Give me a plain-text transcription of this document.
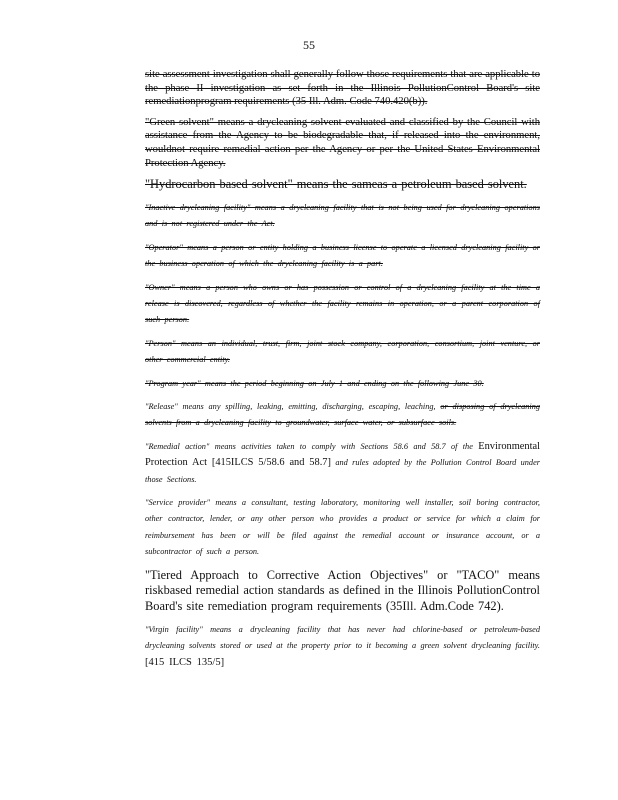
55

site assessment investigation shall generally follow those requirements that are applicable to the phase II investigation as set forth in the Illinois PollutionControl Board's site remediationprogram requirements (35 Ill. Adm. Code 740.420(b)).

"Green solvent" means a drycleaning solvent evaluated and classified by the Council with assistance from the Agency to be biodegradable that, if released into the environment, wouldnot require remedial action per the Agency or per the United States Environmental Protection Agency.

"Hydrocarbon based solvent" means the sameas a petroleum based solvent.

"Inactive drycleaning facility" means a drycleaning facility that is not being used for drycleaning operations and is not registered under the Act.

"Operator" means a person or entity holding a business license to operate a licensed drycleaning facility or the business operation of which the drycleaning facility is a part.

"Owner" means a person who owns or has possession or control of a drycleaning facility at the time a release is discovered, regardless of whether the facility remains in operation, or a parent corporation of such person.

"Person" means an individual, trust, firm, joint stock company, corporation, consortium, joint venture, or other commercial entity.

"Program year" means the period beginning on July 1 and ending on the following June 30.

"Release" means any spilling, leaking, emitting, discharging, escaping, leaching, or disposing of drycleaning solvents from a drycleaning facility to groundwater, surface water, or subsurface soils.

"Remedial action" means activities taken to comply with Sections 58.6 and 58.7 of the Environmental Protection Act [415ILCS 5/58.6 and 58.7] and rules adopted by the Pollution Control Board under those Sections.

"Service provider" means a consultant, testing laboratory, monitoring well installer, soil boring contractor, other contractor, lender, or any other person who provides a product or service for which a claim for reimbursement has been or will be filed against the remedial account or insurance account, or a subcontractor of such a person.

"Tiered Approach to Corrective Action Objectives" or "TACO" means riskbased remedial action standards as defined in the Illinois PollutionControl Board's site remediation program requirements (35Ill. Adm.Code 742).

"Virgin facility" means a drycleaning facility that has never had chlorine-based or petroleum-based drycleaning solvents stored or used at the property prior to it becoming a green solvent drycleaning facility. [415 ILCS 135/5]
